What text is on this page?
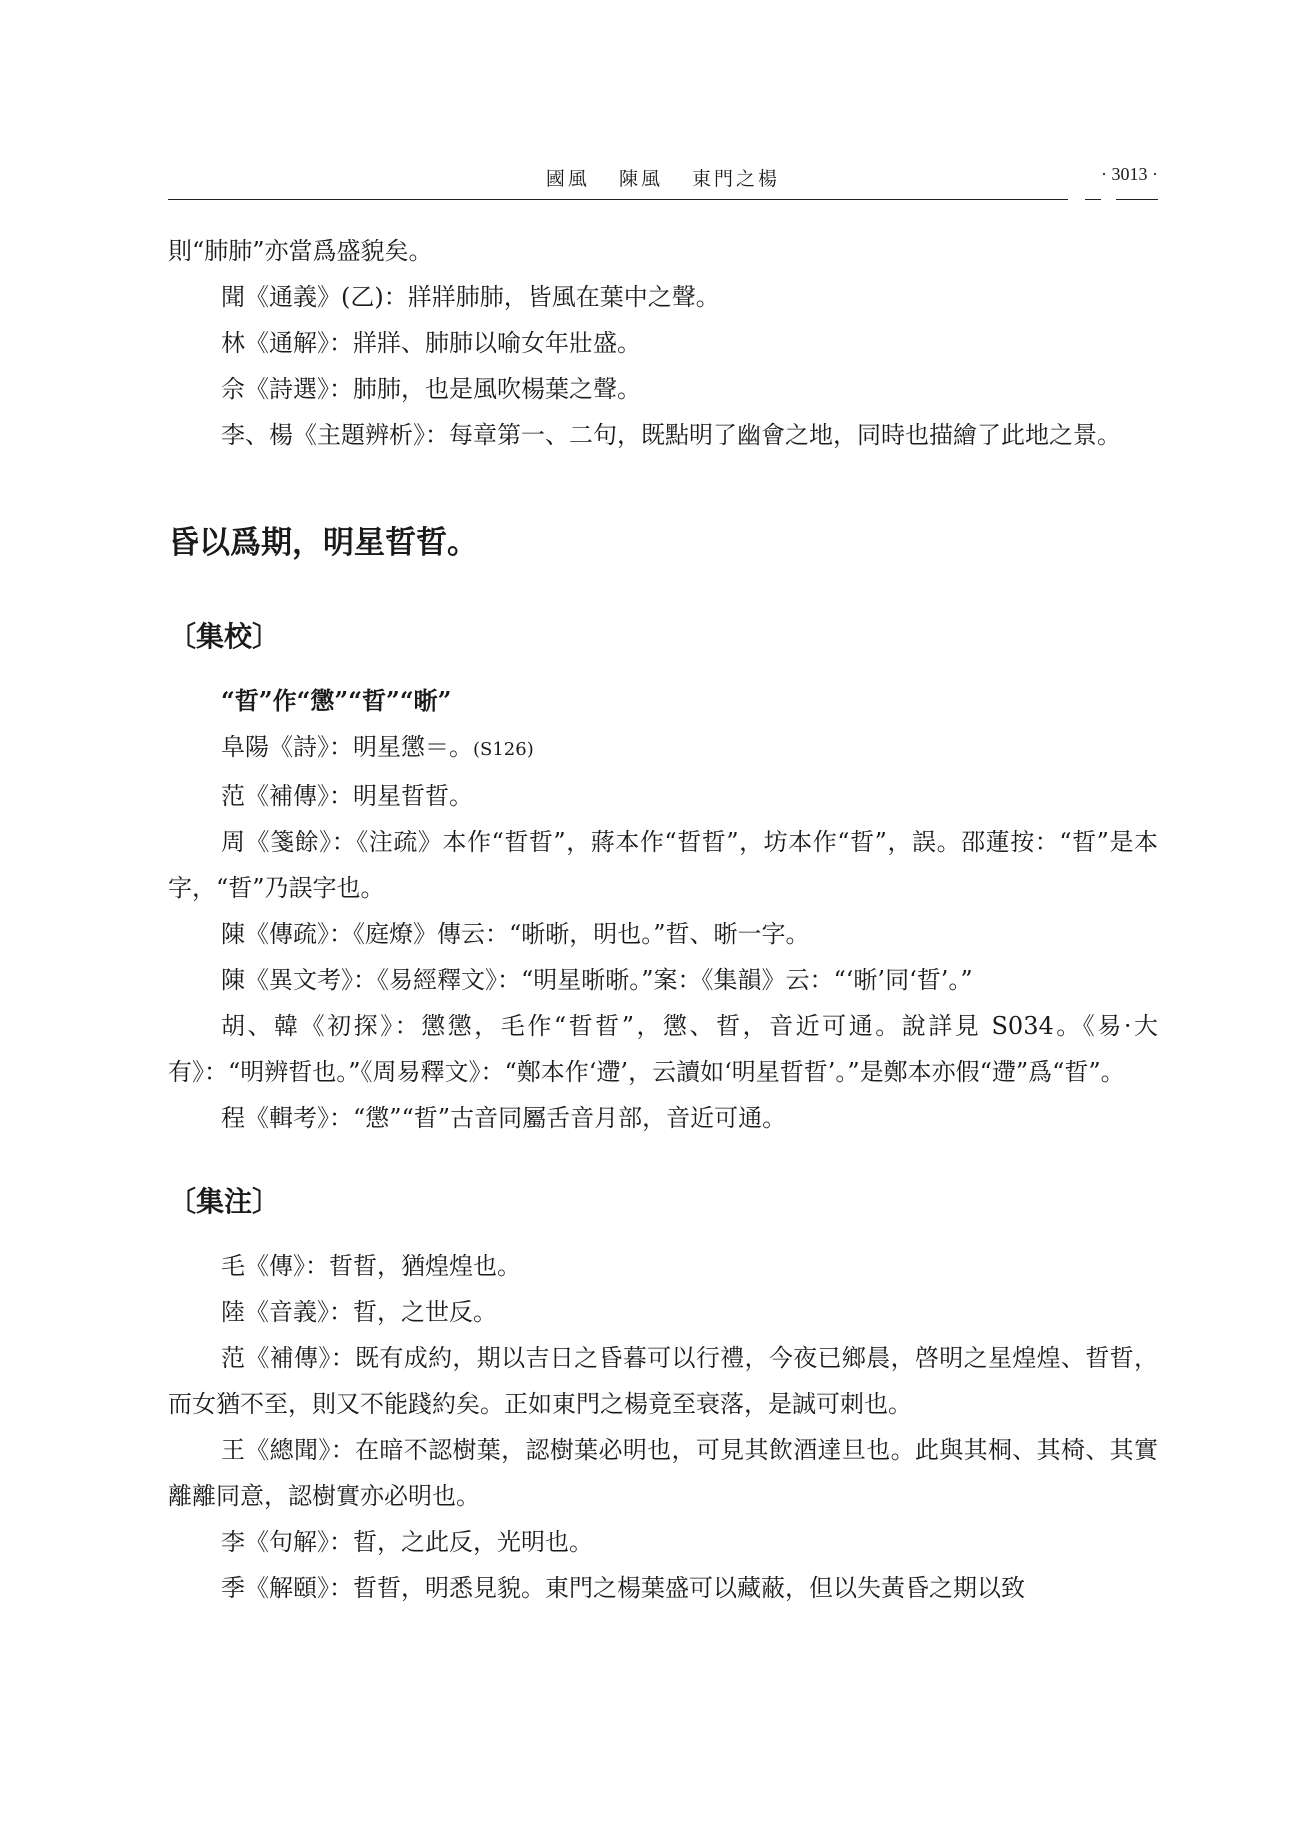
國風 陳風 東門之楊	· 3013 ·

則“肺肺”亦當爲盛貌矣。

聞《通義》(乙)：牂牂肺肺，皆風在葉中之聲。

林《通解》：牂牂、肺肺以喻女年壯盛。

佘《詩選》：肺肺，也是風吹楊葉之聲。

李、楊《主題辨析》：每章第一、二句，既點明了幽會之地，同時也描繪了此地之景。

昏以爲期，明星晢晢。
〔集校〕
“晢”作“懲”“晢”“晣”

阜陽《詩》：明星懲＝。(S126)

范《補傳》：明星晢晢。

周《箋餘》：《注疏》本作“晢晢”，蔣本作“晢晢”，坊本作“晢”，誤。邵蓮按：“晢”是本字，“晢”乃誤字也。

陳《傳疏》：《庭燎》傳云：“晣晣，明也。”晢、晣一字。

陳《異文考》：《易經釋文》：“明星晣晣。”案：《集韻》云：“‘晣’同‘晢’。”

胡、韓《初探》：懲懲，毛作“晢晢”，懲、晢，音近可通。說詳見 S034。《易·大有》：“明辨晢也。”《周易釋文》：“鄭本作‘遰’，云讀如‘明星晢晢’。”是鄭本亦假“遰”爲“晢”。

程《輯考》：“懲”“晢”古音同屬舌音月部，音近可通。

〔集注〕

毛《傳》：晢晢，猶煌煌也。

陸《音義》：晢，之世反。

范《補傳》：既有成約，期以吉日之昏暮可以行禮，今夜已鄉晨，啓明之星煌煌、晢晢，而女猶不至，則又不能踐約矣。正如東門之楊竟至衰落，是誠可刺也。

王《總聞》：在暗不認樹葉，認樹葉必明也，可見其飲酒達旦也。此與其桐、其椅、其實離離同意，認樹實亦必明也。

李《句解》：晢，之此反，光明也。

季《解頤》：晢晢，明悉見貌。東門之楊葉盛可以藏蔽，但以失黃昏之期以致
